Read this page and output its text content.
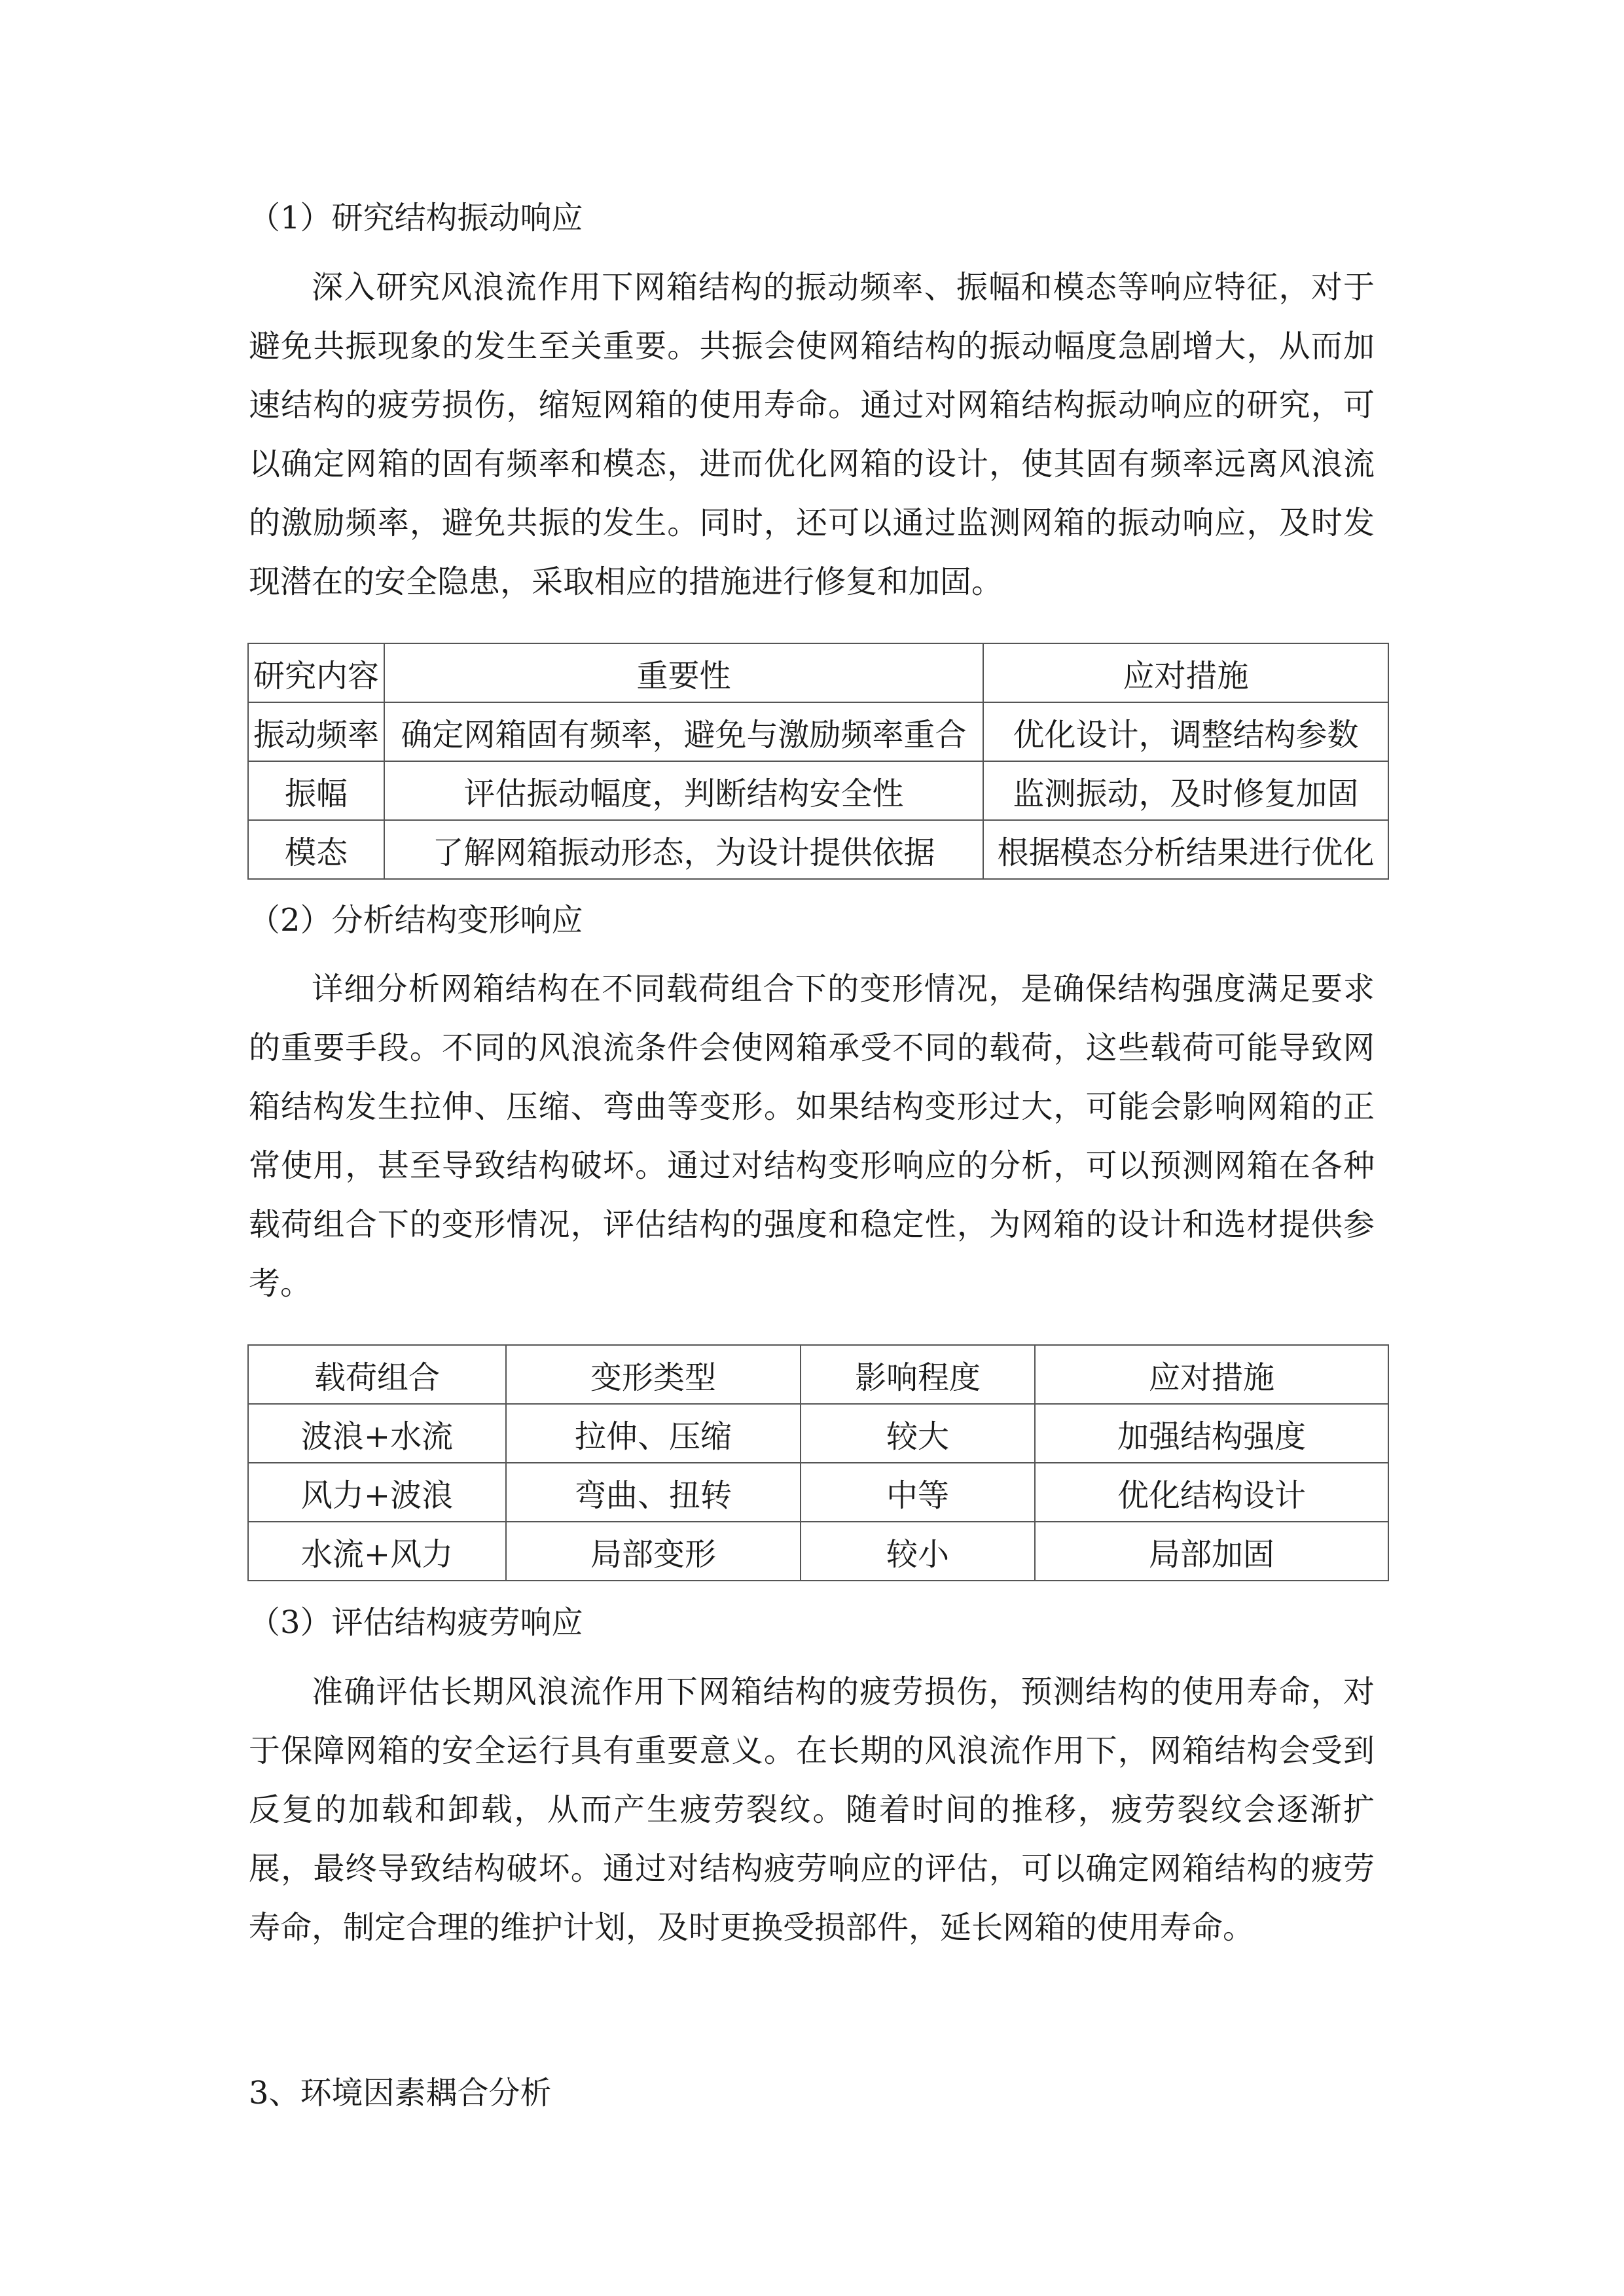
（1）研究结构振动响应

深入研究风浪流作用下网箱结构的振动频率、振幅和模态等响应特征，对于避免共振现象的发生至关重要。共振会使网箱结构的振动幅度急剧增大，从而加速结构的疲劳损伤，缩短网箱的使用寿命。通过对网箱结构振动响应的研究，可以确定网箱的固有频率和模态，进而优化网箱的设计，使其固有频率远离风浪流的激励频率，避免共振的发生。同时，还可以通过监测网箱的振动响应，及时发现潜在的安全隐患，采取相应的措施进行修复和加固。

研究内容	重要性	应对措施
振动频率	确定网箱固有频率，避免与激励频率重合	优化设计，调整结构参数
振幅	评估振动幅度，判断结构安全性	监测振动，及时修复加固
模态	了解网箱振动形态，为设计提供依据	根据模态分析结果进行优化
（2）分析结构变形响应

详细分析网箱结构在不同载荷组合下的变形情况，是确保结构强度满足要求的重要手段。不同的风浪流条件会使网箱承受不同的载荷，这些载荷可能导致网箱结构发生拉伸、压缩、弯曲等变形。如果结构变形过大，可能会影响网箱的正常使用，甚至导致结构破坏。通过对结构变形响应的分析，可以预测网箱在各种载荷组合下的变形情况，评估结构的强度和稳定性，为网箱的设计和选材提供参考。

载荷组合	变形类型	影响程度	应对措施
波浪+水流	拉伸、压缩	较大	加强结构强度
风力+波浪	弯曲、扭转	中等	优化结构设计
水流+风力	局部变形	较小	局部加固
（3）评估结构疲劳响应

准确评估长期风浪流作用下网箱结构的疲劳损伤，预测结构的使用寿命，对于保障网箱的安全运行具有重要意义。在长期的风浪流作用下，网箱结构会受到反复的加载和卸载，从而产生疲劳裂纹。随着时间的推移，疲劳裂纹会逐渐扩展，最终导致结构破坏。通过对结构疲劳响应的评估，可以确定网箱结构的疲劳寿命，制定合理的维护计划，及时更换受损部件，延长网箱的使用寿命。

3、环境因素耦合分析
